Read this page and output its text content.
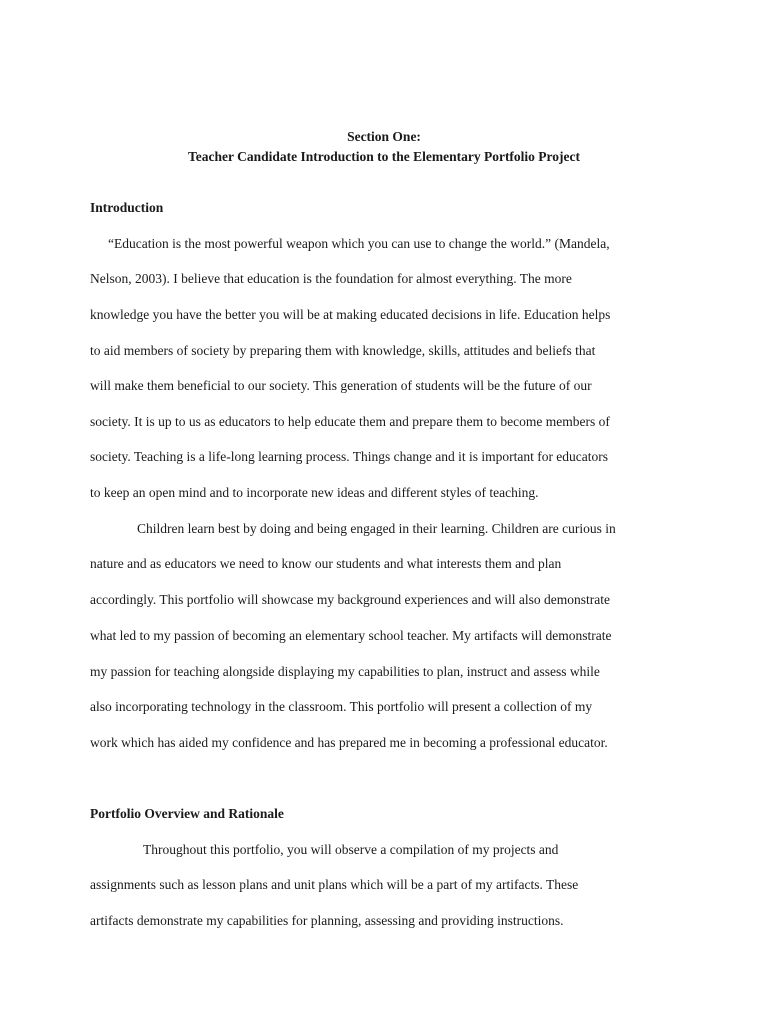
Section One:
Teacher Candidate Introduction to the Elementary Portfolio Project
Introduction
“Education is the most powerful weapon which you can use to change the world.” (Mandela,
Nelson, 2003). I believe that education is the foundation for almost everything. The more
knowledge you have the better you will be at making educated decisions in life. Education helps
to aid members of society by preparing them with knowledge, skills, attitudes and beliefs that
will make them beneficial to our society. This generation of students will be the future of our
society. It is up to us as educators to help educate them and prepare them to become members of
society. Teaching is a life-long learning process. Things change and it is important for educators
to keep an open mind and to incorporate new ideas and different styles of teaching.
Children learn best by doing and being engaged in their learning. Children are curious in
nature and as educators we need to know our students and what interests them and plan
accordingly. This portfolio will showcase my background experiences and will also demonstrate
what led to my passion of becoming an elementary school teacher. My artifacts will demonstrate
my passion for teaching alongside displaying my capabilities to plan, instruct and assess while
also incorporating technology in the classroom. This portfolio will present a collection of my
work which has aided my confidence and has prepared me in becoming a professional educator.
Portfolio Overview and Rationale
Throughout this portfolio, you will observe a compilation of my projects and
assignments such as lesson plans and unit plans which will be a part of my artifacts. These
artifacts demonstrate my capabilities for planning, assessing and providing instructions.
